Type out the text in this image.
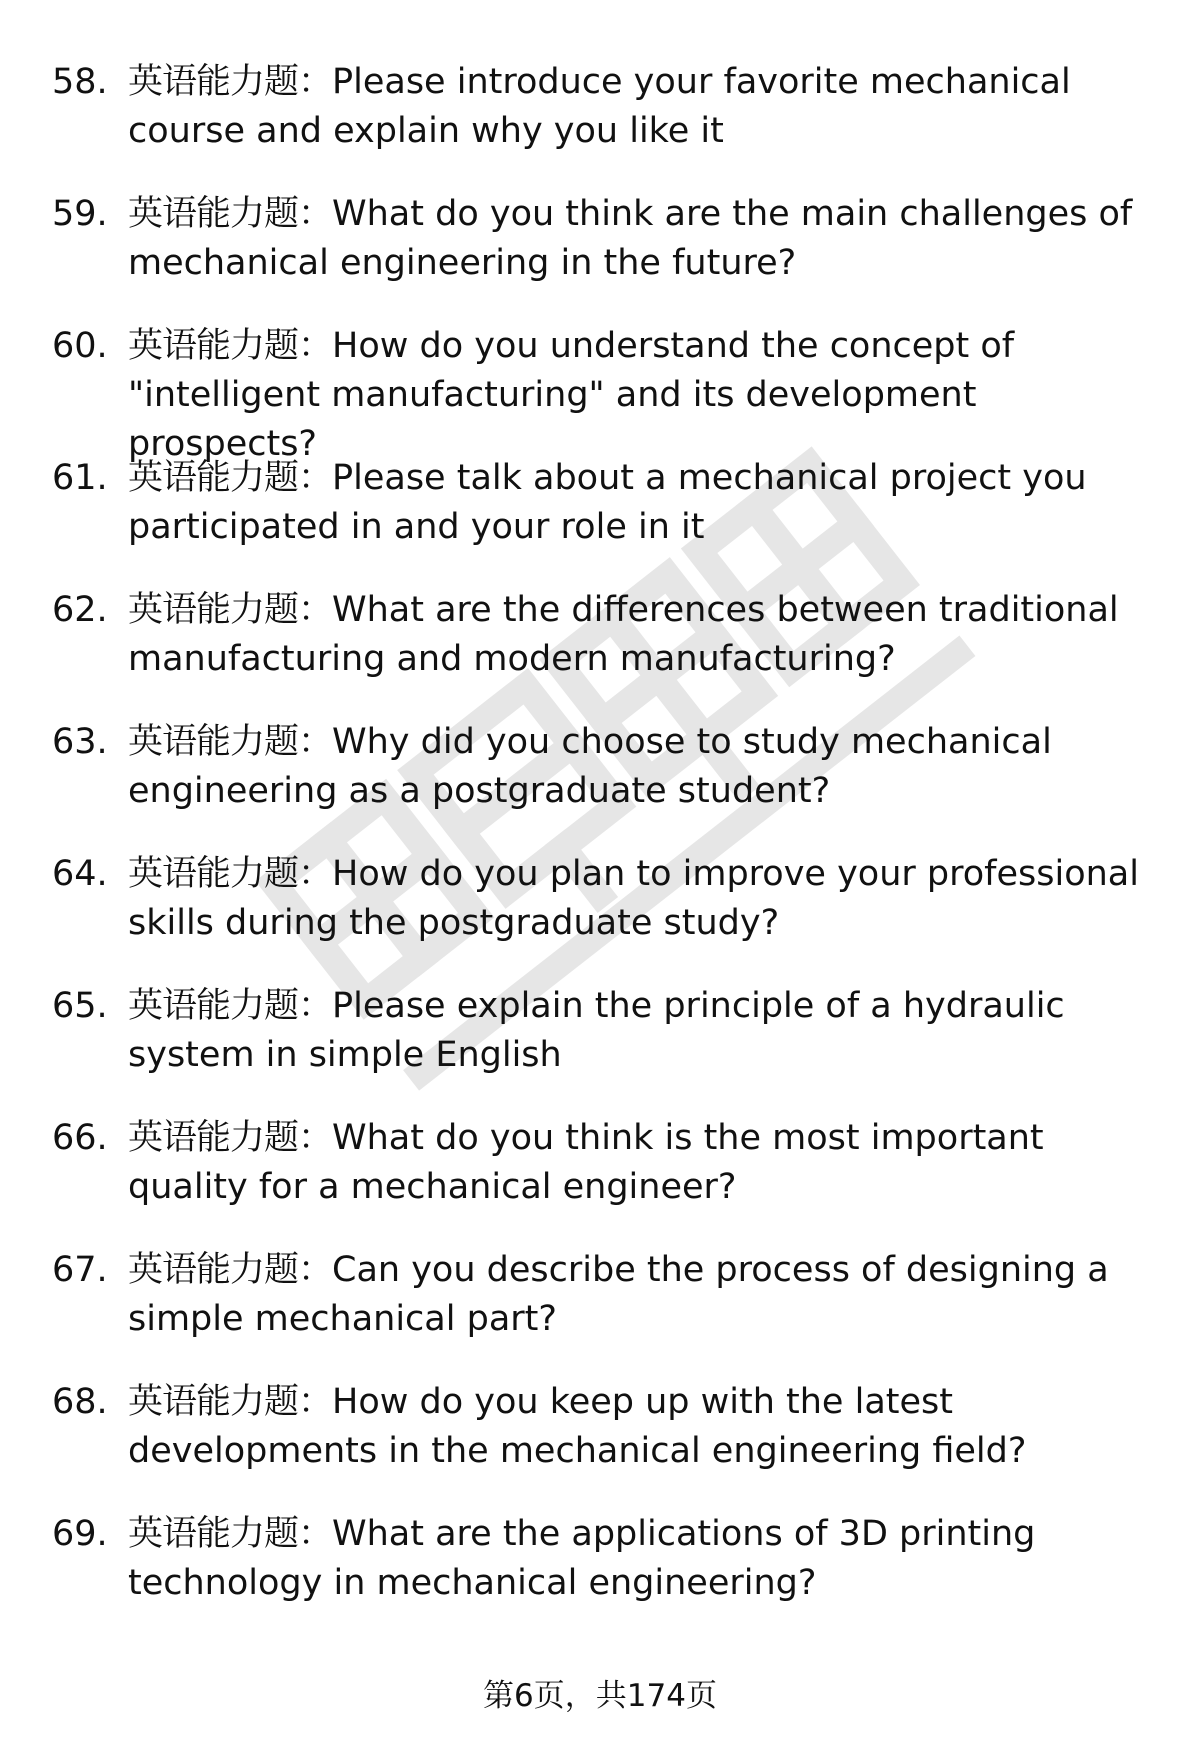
58. 英语能力题：Please introduce your favorite mechanical course and explain why you like it
59. 英语能力题：What do you think are the main challenges of mechanical engineering in the future?
60. 英语能力题：How do you understand the concept of "intelligent manufacturing" and its development prospects?
61. 英语能力题：Please talk about a mechanical project you participated in and your role in it
62. 英语能力题：What are the differences between traditional manufacturing and modern manufacturing?
63. 英语能力题：Why did you choose to study mechanical engineering as a postgraduate student?
64. 英语能力题：How do you plan to improve your professional skills during the postgraduate study?
65. 英语能力题：Please explain the principle of a hydraulic system in simple English
66. 英语能力题：What do you think is the most important quality for a mechanical engineer?
67. 英语能力题：Can you describe the process of designing a simple mechanical part?
68. 英语能力题：How do you keep up with the latest developments in the mechanical engineering field?
69. 英语能力题：What are the applications of 3D printing technology in mechanical engineering?
第6页，共174页
